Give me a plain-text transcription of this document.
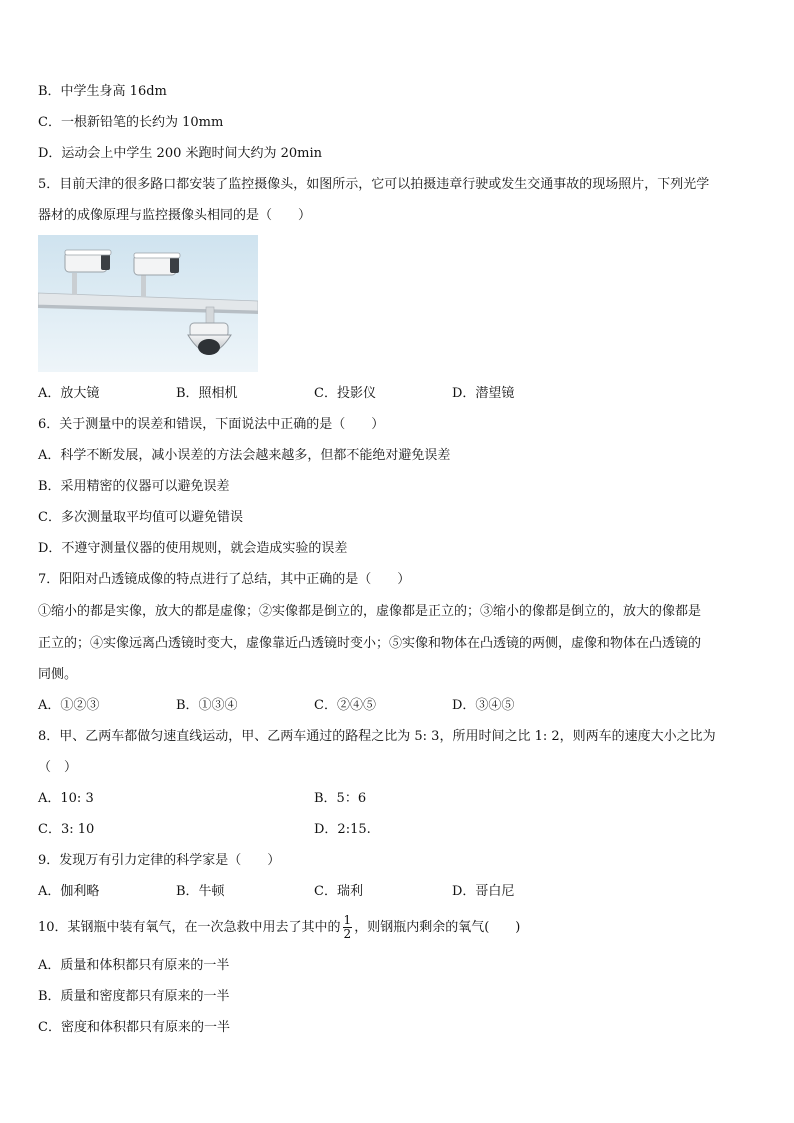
B．中学生身高 16dm
C．一根新铅笔的长约为 10mm
D．运动会上中学生 200 米跑时间大约为 20min
5．目前天津的很多路口都安装了监控摄像头，如图所示，它可以拍摄违章行驶或发生交通事故的现场照片，下列光学
器材的成像原理与监控摄像头相同的是（　　）
A．放大镜	B．照相机	C．投影仪	D．潜望镜
6．关于测量中的误差和错误，下面说法中正确的是（　　）
A．科学不断发展，减小误差的方法会越来越多，但都不能绝对避免误差
B．采用精密的仪器可以避免误差
C．多次测量取平均值可以避免错误
D．不遵守测量仪器的使用规则，就会造成实验的误差
7．阳阳对凸透镜成像的特点进行了总结，其中正确的是（　　）
①缩小的都是实像，放大的都是虚像；②实像都是倒立的，虚像都是正立的；③缩小的像都是倒立的，放大的像都是
正立的；④实像远离凸透镜时变大，虚像靠近凸透镜时变小；⑤实像和物体在凸透镜的两侧，虚像和物体在凸透镜的
同侧。
A．①②③	B．①③④	C．②④⑤	D．③④⑤
8．甲、乙两车都做匀速直线运动，甲、乙两车通过的路程之比为 5: 3，所用时间之比 1: 2，则两车的速度大小之比为
（　）
A．10: 3	B．5：6
C．3: 10	D．2:15.
9．发现万有引力定律的科学家是（　　）
A．伽利略	B．牛顿	C．瑞利	D．哥白尼
10．某钢瓶中装有氧气，在一次急救中用去了其中的 $\frac{1}{2}$ ，则钢瓶内剩余的氧气(　　)
A．质量和体积都只有原来的一半
B．质量和密度都只有原来的一半
C．密度和体积都只有原来的一半
